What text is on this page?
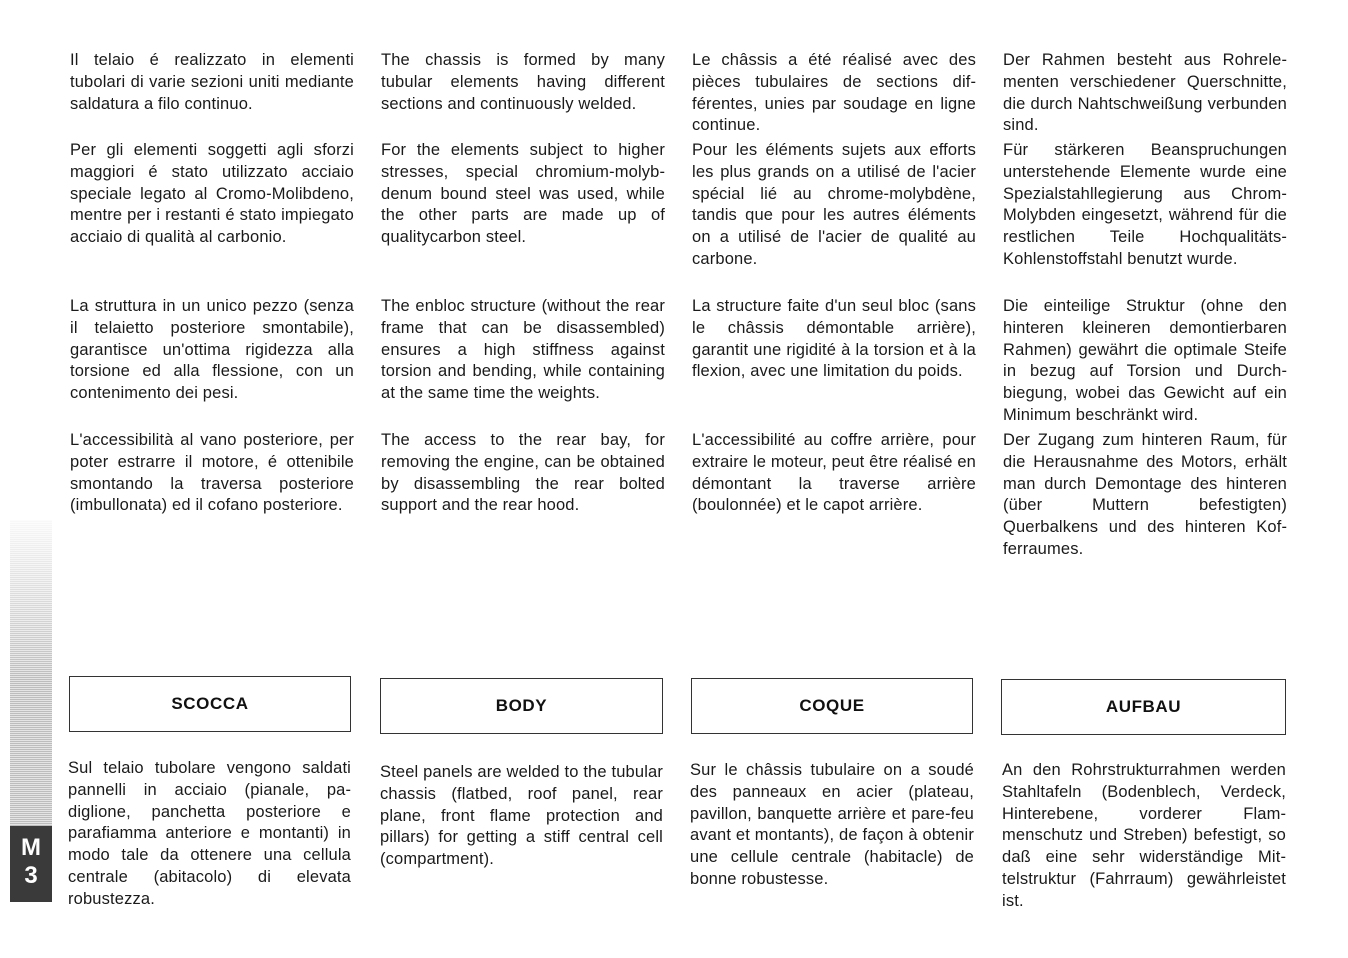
M
3

Il telaio é realizzato in elementi tubolari di varie sezioni uniti mediante saldatura a filo continuo.

Per gli elementi soggetti agli sforzi maggiori é stato utilizzato acciaio speciale legato al Cromo-Molibdeno, mentre per i restanti é stato impiegato acciaio di qualità al carbonio.

La struttura in un unico pezzo (senza il telaietto posteriore smontabile), garantisce un'ottima rigidezza alla torsione ed alla flessione, con un contenimento dei pesi.

L'accessibilità al vano posteriore, per poter estrarre il motore, é ottenibile smontando la traversa posteriore (imbullonata) ed il cofano posteriore.

The chassis is formed by many tubular elements having different sections and continuously welded.

For the elements subject to higher stresses, special chromium-molybdenum bound steel was used, while the other parts are made up of qualitycarbon steel.

The enbloc structure (without the rear frame that can be disassembled) ensures a high stiffness against torsion and bending, while containing at the same time the weights.

The access to the rear bay, for removing the engine, can be obtained by disassembling the rear bolted support and the rear hood.

Le châssis a été réalisé avec des pièces tubulaires de sections différentes, unies par soudage en ligne continue.

Pour les éléments sujets aux efforts les plus grands on a utilisé de l'acier spécial lié au chrome-molybdène, tandis que pour les autres éléments on a utilisé de l'acier de qualité au carbone.

La structure faite d'un seul bloc (sans le châssis démontable arrière), garantit une rigidité à la torsion et à la flexion, avec une limitation du poids.

L'accessibilité au coffre arrière, pour extraire le moteur, peut être réalisé en démontant la traverse arrière (boulonnée) et le capot arrière.

Der Rahmen besteht aus Rohrelementen verschiedener Querschnitte, die durch Nahtschweißung verbunden sind.

Für stärkeren Beanspruchungen unterstehende Elemente wurde eine Spezialstahllegierung aus Chrom-Molybden eingesetzt, während für die restlichen Teile Hochqualitäts-Kohlenstoffstahl benutzt wurde.

Die einteilige Struktur (ohne den hinteren kleineren demontierbaren Rahmen) gewährt die optimale Steife in bezug auf Torsion und Durchbiegung, wobei das Gewicht auf ein Minimum beschränkt wird.

Der Zugang zum hinteren Raum, für die Herausnahme des Motors, erhält man durch Demontage des hinteren (über Muttern befestigten) Querbalkens und des hinteren Kofferraumes.

SCOCCA	BODY	COQUE	AUFBAU

Sul telaio tubolare vengono saldati pannelli in acciaio (pianale, padiglione, panchetta posteriore e parafiamma anteriore e montanti) in modo tale da ottenere una cellula centrale (abitacolo) di elevata robustezza.

Steel panels are welded to the tubular chassis (flatbed, roof panel, rear plane, front flame protection and pillars) for getting a stiff central cell (compartment).

Sur le châssis tubulaire on a soudé des panneaux en acier (plateau, pavillon, banquette arrière et pare-feu avant et montants), de façon à obtenir une cellule centrale (habitacle) de bonne robustesse.

An den Rohrstrukturrahmen werden Stahltafeln (Bodenblech, Verdeck, Hinterebene, vorderer Flammenschutz und Streben) befestigt, so daß eine sehr widerständige Mittelstruktur (Fahrraum) gewährleistet ist.
